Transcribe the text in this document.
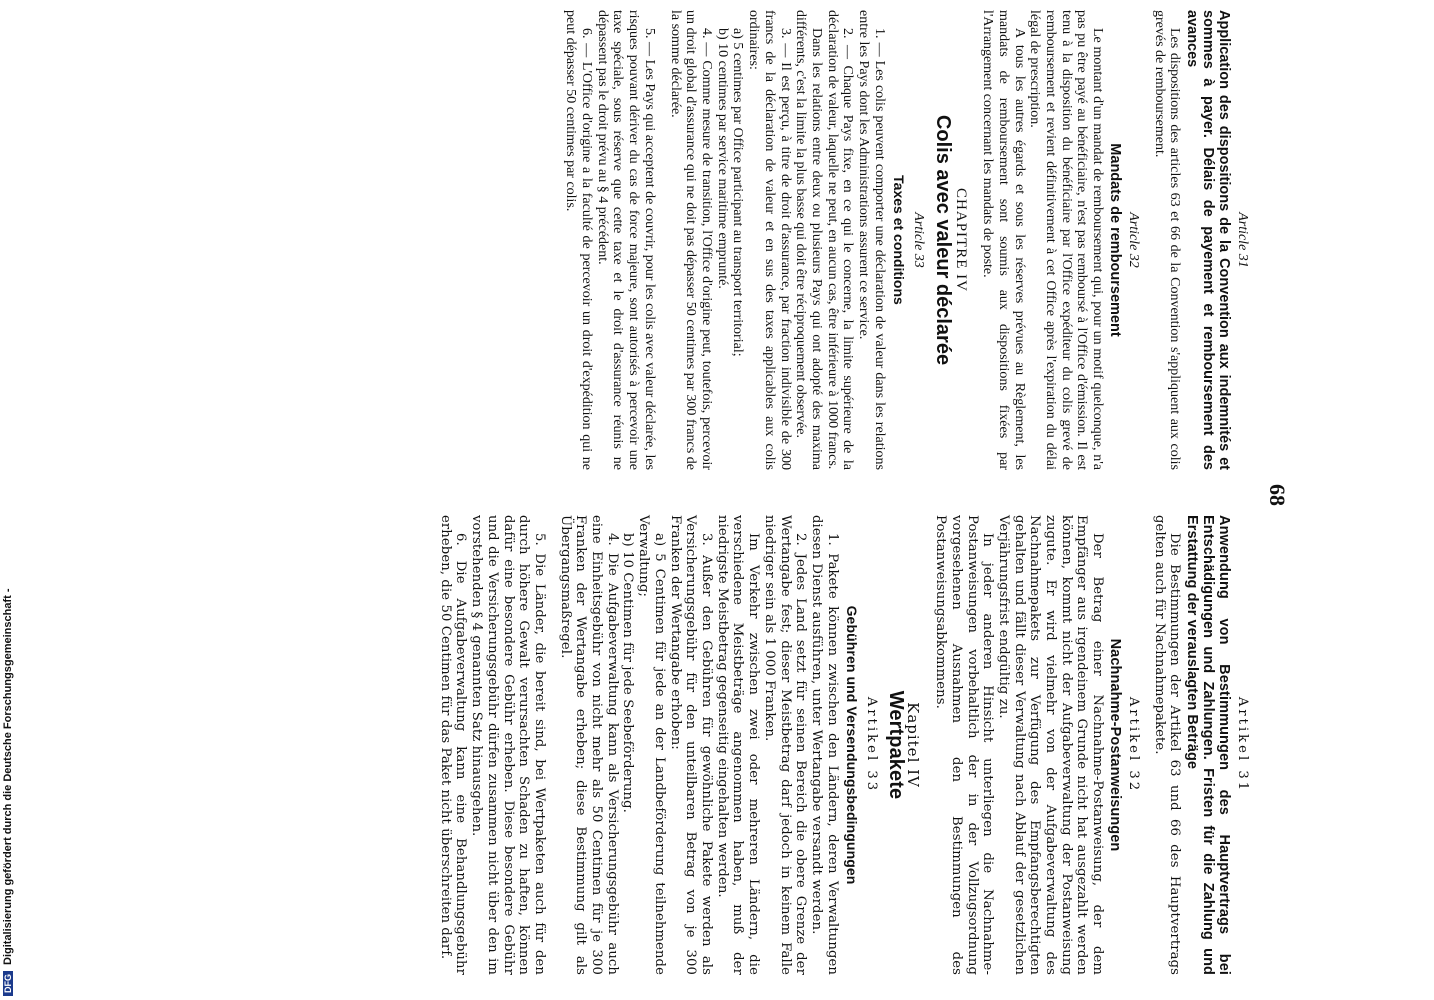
68
Article 31
Application des dispositions de la Convention aux indemnités et sommes à payer. Délais de payement et remboursement des avances

Les dispositions des articles 63 et 66 de la Convention s'appliquent aux colis grevés de remboursement.

Article 32
Mandats de remboursement

Le montant d'un mandat de remboursement qui, pour un motif quelconque, n'a pas pu être payé au bénéficiaire, n'est pas remboursé à l'Office d'émission. Il est tenu à la disposition du bénéficiaire par l'Office expéditeur du colis grevé de remboursement et revient définitivement à cet Office après l'expiration du délai légal de prescription.

A tous les autres égards et sous les réserves prévues au Règlement, les mandats de remboursement sont soumis aux dispositions fixées par l'Arrangement concernant les mandats de poste.

CHAPITRE IV
Colis avec valeur déclarée
Article 33
Taxes et conditions

1. — Les colis peuvent comporter une déclaration de valeur dans les relations entre les Pays dont les Administrations assurent ce service.

2. — Chaque Pays fixe, en ce qui le concerne, la limite supérieure de la déclaration de valeur, laquelle ne peut, en aucun cas, être inférieure à 1000 francs.

Dans les relations entre deux ou plusieurs Pays qui ont adopté des maxima différents, c'est la limite la plus basse qui doit être réciproquement observée.

3. — Il est perçu, à titre de droit d'assurance, par fraction indivisible de 300 francs de la déclaration de valeur et en sus des taxes applicables aux colis ordinaires:

a) 5 centimes par Office participant au transport territorial;

b) 10 centimes par service maritime emprunté.

4. — Comme mesure de transition, l'Office d'origine peut, toutefois, percevoir un droit global d'assurance qui ne doit pas dépasser 50 centimes par 300 francs de la somme déclarée.

5. — Les Pays qui acceptent de couvrir, pour les colis avec valeur déclarée, les risques pouvant dériver du cas de force majeure, sont autorisés à percevoir une taxe spéciale, sous réserve que cette taxe et le droit d'assurance réunis ne dépassent pas le droit prévu au § 4 précédent.

6. — L'Office d'origine a la faculté de percevoir un droit d'expédition qui ne peut dépasser 50 centimes par colis.

Artikel 31
Anwendung von Bestimmungen des Hauptvertrags bei Entschädigungen und Zahlungen. Fristen für die Zahlung und Erstattung der verauslagten Beträge

Die Bestimmungen der Artikel 63 und 66 des Hauptvertrags gelten auch für Nachnahmepakete.

Artikel 32
Nachnahme-Postanweisungen

Der Betrag einer Nachnahme-Postanweisung, der dem Empfänger aus irgendeinem Grunde nicht hat ausgezahlt werden können, kommt nicht der Aufgabeverwaltung der Postanweisung zugute. Er wird vielmehr von der Aufgabeverwaltung des Nachnahmepakets zur Verfügung des Empfangsberechtigten gehalten und fällt dieser Verwaltung nach Ablauf der gesetzlichen Verjährungsfrist endgültig zu.

In jeder anderen Hinsicht unterliegen die Nachnahme-Postanweisungen vorbehaltlich der in der Vollzugsordnung vorgesehenen Ausnahmen den Bestimmungen des Postanweisungsabkommens.

Kapitel IV
Wertpakete
Artikel 33
Gebühren und Versendungsbedingungen

1. Pakete können zwischen den Ländern, deren Verwaltungen diesen Dienst ausführen, unter Wertangabe versandt werden.

2. Jedes Land setzt für seinen Bereich die obere Grenze der Wertangabe fest; dieser Meistbetrag darf jedoch in keinem Falle niedriger sein als 1 000 Franken.

Im Verkehr zwischen zwei oder mehreren Ländern, die verschiedene Meistbeträge angenommen haben, muß der niedrigste Meistbetrag gegenseitig eingehalten werden.

3. Außer den Gebühren für gewöhnliche Pakete werden als Versicherungsgebühr für den unteilbaren Betrag von je 300 Franken der Wertangabe erhoben:

a) 5 Centimen für jede an der Landbeförderung teilnehmende Verwaltung;

b) 10 Centimen für jede Seebeförderung.

4. Die Aufgabeverwaltung kann als Versicherungsgebühr auch eine Einheitsgebühr von nicht mehr als 50 Centimen für je 300 Franken der Wertangabe erheben; diese Bestimmung gilt als Übergangsmaßregel.

5. Die Länder, die bereit sind, bei Wertpaketen auch für den durch höhere Gewalt verursachten Schaden zu haften, können dafür eine besondere Gebühr erheben. Diese besondere Gebühr und die Versicherungsgebühr dürfen zusammen nicht über den im vorstehenden § 4 genannten Satz hinausgehen.

6. Die Aufgabeverwaltung kann eine Behandlungsgebühr erheben, die 50 Centimen für das Paket nicht überschreiten darf.

DFGDigitalisierung gefördert durch die Deutsche Forschungsgemeinschaft -
